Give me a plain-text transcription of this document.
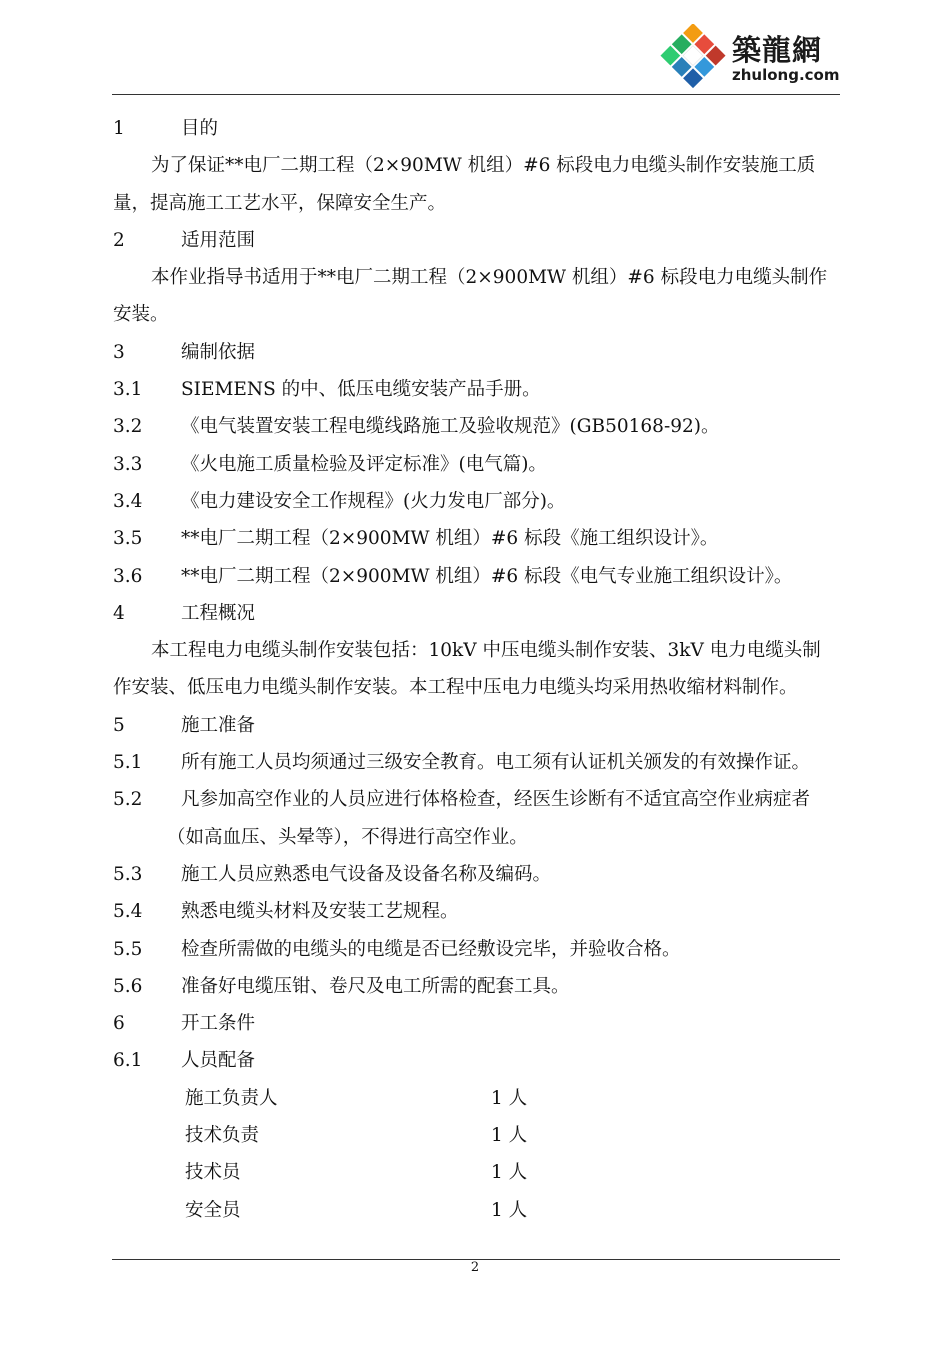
築龍網
zhulong.com
1	目的
为了保证**电厂二期工程（2×90MW 机组）#6 标段电力电缆头制作安装施工质
量，提高施工工艺水平，保障安全生产。
2	适用范围
本作业指导书适用于**电厂二期工程（2×900MW 机组）#6 标段电力电缆头制作
安装。
3	编制依据
3.1 SIEMENS 的中、低压电缆安装产品手册。
3.2 《电气装置安装工程电缆线路施工及验收规范》(GB50168-92)。
3.3 《火电施工质量检验及评定标准》(电气篇)。
3.4 《电力建设安全工作规程》(火力发电厂部分)。
3.5 **电厂二期工程（2×900MW 机组）#6 标段《施工组织设计》。
3.6 **电厂二期工程（2×900MW 机组）#6 标段《电气专业施工组织设计》。
4	工程概况
本工程电力电缆头制作安装包括：10kV 中压电缆头制作安装、3kV 电力电缆头制
作安装、低压电力电缆头制作安装。本工程中压电力电缆头均采用热收缩材料制作。
5	施工准备
5.1 所有施工人员均须通过三级安全教育。电工须有认证机关颁发的有效操作证。
5.2 凡参加高空作业的人员应进行体格检查，经医生诊断有不适宜高空作业病症者
（如高血压、头晕等），不得进行高空作业。
5.3 施工人员应熟悉电气设备及设备名称及编码。
5.4 熟悉电缆头材料及安装工艺规程。
5.5 检查所需做的电缆头的电缆是否已经敷设完毕，并验收合格。
5.6 准备好电缆压钳、卷尺及电工所需的配套工具。
6	开工条件
6.1 人员配备
施工负责人	1 人
技术负责	1 人
技术员	1 人
安全员	1 人
2
